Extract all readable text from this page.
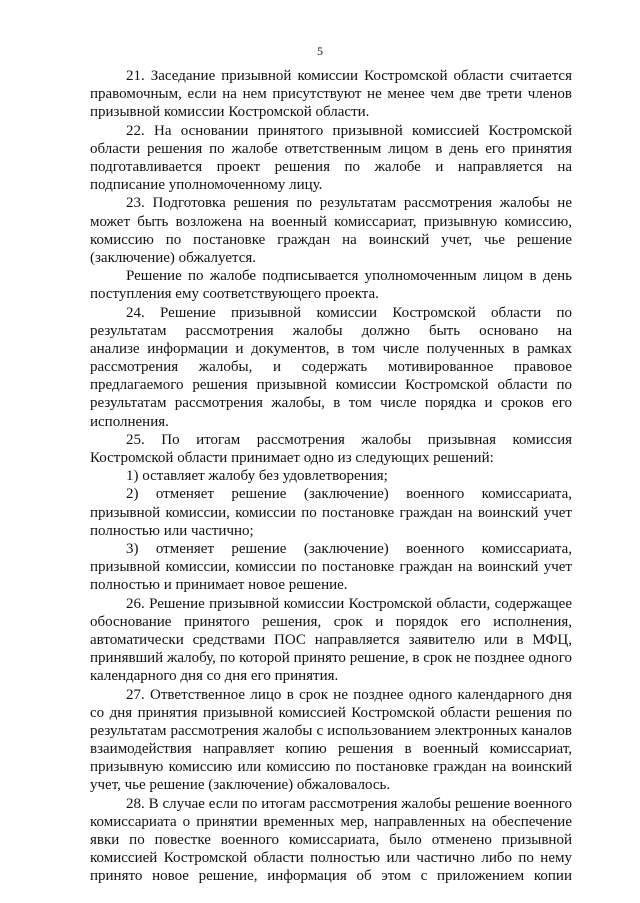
5

21. Заседание призывной комиссии Костромской области считается
правомочным, если на нем присутствуют не менее чем две трети членов
призывной комиссии Костромской области.

22. На основании принятого призывной комиссией Костромской
области решения по жалобе ответственным лицом в день его принятия
подготавливается проект решения по жалобе и направляется на
подписание уполномоченному лицу.

23. Подготовка решения по результатам рассмотрения жалобы не
может быть возложена на военный комиссариат, призывную комиссию,
комиссию по постановке граждан на воинский учет, чье решение
(заключение) обжалуется.

Решение по жалобе подписывается уполномоченным лицом в день
поступления ему соответствующего проекта.

24. Решение призывной комиссии Костромской области по
результатам рассмотрения жалобы должно быть основано на
анализе информации и документов, в том числе полученных в рамках
рассмотрения жалобы, и содержать мотивированное правовое
предлагаемого решения призывной комиссии Костромской области по
результатам рассмотрения жалобы, в том числе порядка и сроков его
исполнения.

25. По итогам рассмотрения жалобы призывная комиссия
Костромской области принимает одно из следующих решений:

1) оставляет жалобу без удовлетворения;

2) отменяет решение (заключение) военного комиссариата,
призывной комиссии, комиссии по постановке граждан на воинский учет
полностью или частично;

3) отменяет решение (заключение) военного комиссариата,
призывной комиссии, комиссии по постановке граждан на воинский учет
полностью и принимает новое решение.

26. Решение призывной комиссии Костромской области, содержащее
обоснование принятого решения, срок и порядок его исполнения,
автоматически средствами ПОС направляется заявителю или в МФЦ,
принявший жалобу, по которой принято решение, в срок не позднее одного
календарного дня со дня его принятия.

27. Ответственное лицо в срок не позднее одного календарного дня
со дня принятия призывной комиссией Костромской области решения по
результатам рассмотрения жалобы с использованием электронных каналов
взаимодействия направляет копию решения в военный комиссариат,
призывную комиссию или комиссию по постановке граждан на воинский
учет, чье решение (заключение) обжаловалось.

28. В случае если по итогам рассмотрения жалобы решение военного
комиссариата о принятии временных мер, направленных на обеспечение
явки по повестке военного комиссариата, было отменено призывной
комиссией Костромской области полностью или частично либо по нему
принято новое решение, информация об этом с приложением копии
